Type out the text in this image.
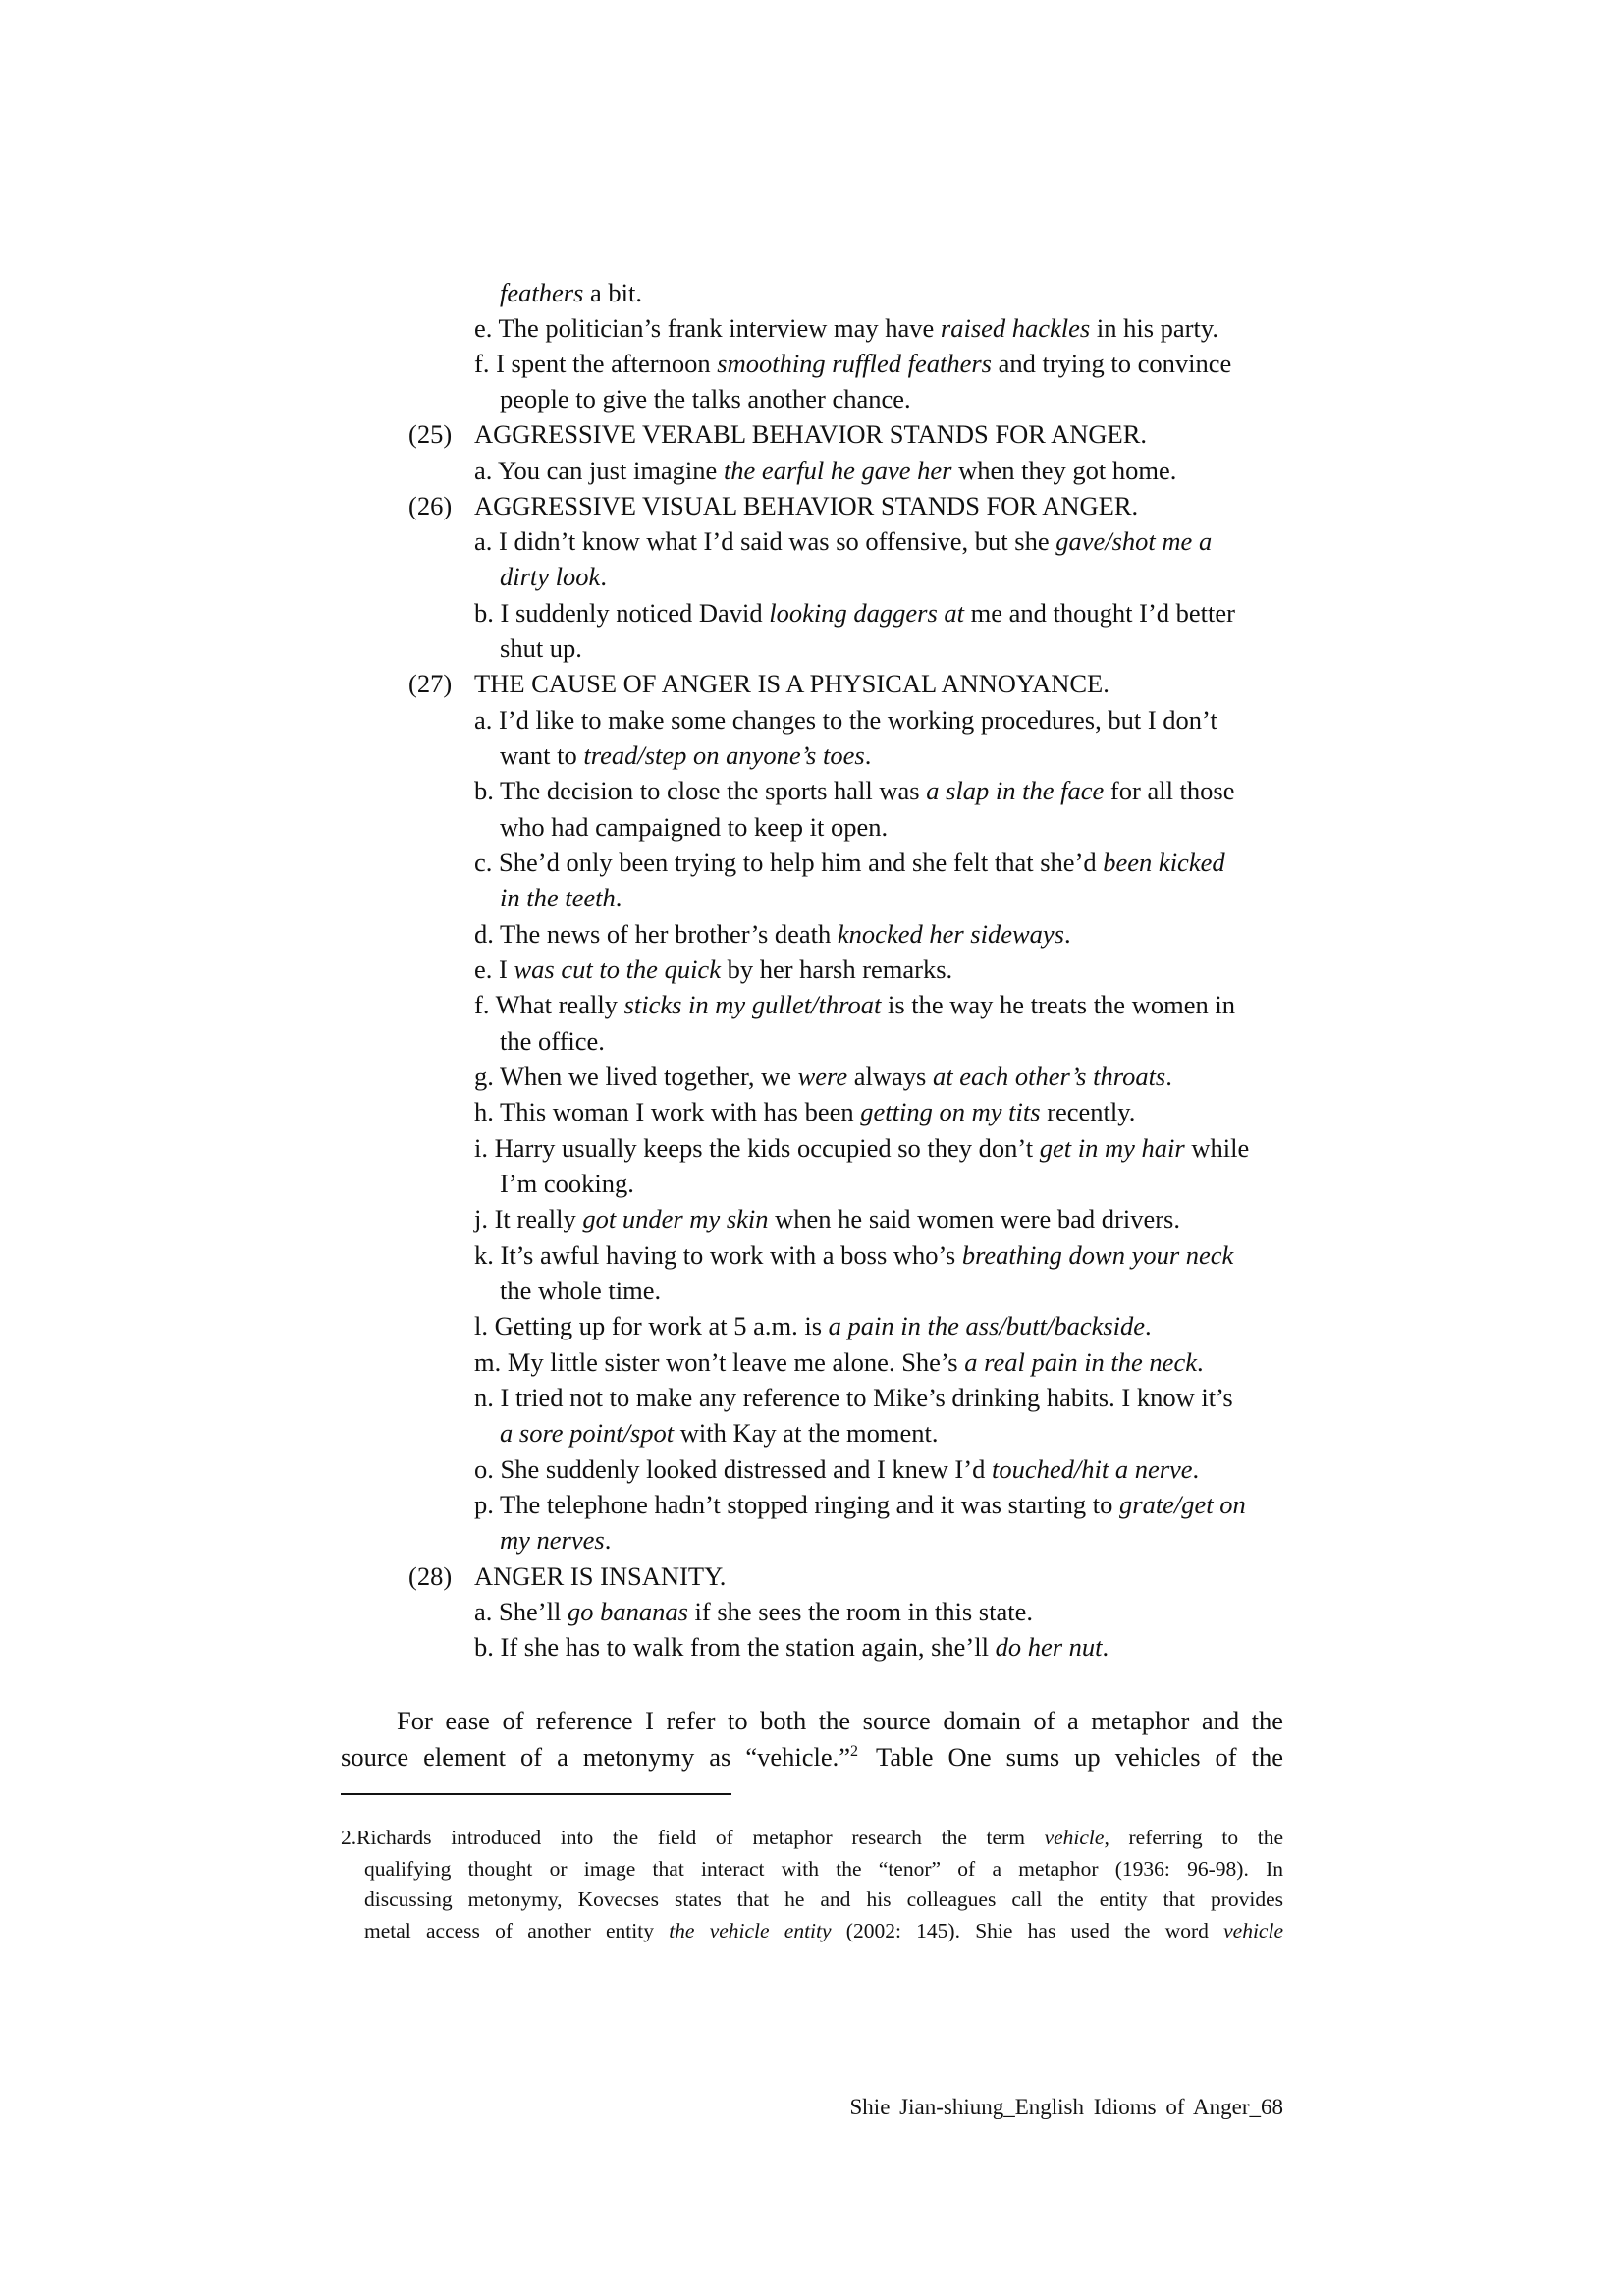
feathers a bit.
e. The politician’s frank interview may have raised hackles in his party.
f. I spent the afternoon smoothing ruffled feathers and trying to convince
people to give the talks another chance.
(25) AGGRESSIVE VERABL BEHAVIOR STANDS FOR ANGER.
a. You can just imagine the earful he gave her when they got home.
(26) AGGRESSIVE VISUAL BEHAVIOR STANDS FOR ANGER.
a. I didn’t know what I’d said was so offensive, but she gave/shot me a
dirty look.
b. I suddenly noticed David looking daggers at me and thought I’d better
shut up.
(27) THE CAUSE OF ANGER IS A PHYSICAL ANNOYANCE.
a. I’d like to make some changes to the working procedures, but I don’t
want to tread/step on anyone’s toes.
b. The decision to close the sports hall was a slap in the face for all those
who had campaigned to keep it open.
c. She’d only been trying to help him and she felt that she’d been kicked
in the teeth.
d. The news of her brother’s death knocked her sideways.
e. I was cut to the quick by her harsh remarks.
f. What really sticks in my gullet/throat is the way he treats the women in
the office.
g. When we lived together, we were always at each other’s throats.
h. This woman I work with has been getting on my tits recently.
i. Harry usually keeps the kids occupied so they don’t get in my hair while
I’m cooking.
j. It really got under my skin when he said women were bad drivers.
k. It’s awful having to work with a boss who’s breathing down your neck
the whole time.
l. Getting up for work at 5 a.m. is a pain in the ass/butt/backside.
m. My little sister won’t leave me alone. She’s a real pain in the neck.
n. I tried not to make any reference to Mike’s drinking habits. I know it’s
a sore point/spot with Kay at the moment.
o. She suddenly looked distressed and I knew I’d touched/hit a nerve.
p. The telephone hadn’t stopped ringing and it was starting to grate/get on
my nerves.
(28) ANGER IS INSANITY.
a. She’ll go bananas if she sees the room in this state.
b. If she has to walk from the station again, she’ll do her nut.
For ease of reference I refer to both the source domain of a metaphor and the
source element of a metonymy as “vehicle.”$^2$ Table One sums up vehicles of the
2.Richards introduced into the field of metaphor research the term vehicle, referring to the
qualifying thought or image that interact with the “tenor” of a metaphor (1936: 96-98). In
discussing metonymy, Kovecses states that he and his colleagues call the entity that provides
metal access of another entity the vehicle entity (2002: 145). Shie has used the word vehicle
Shie Jian-shiung_English Idioms of Anger_68
